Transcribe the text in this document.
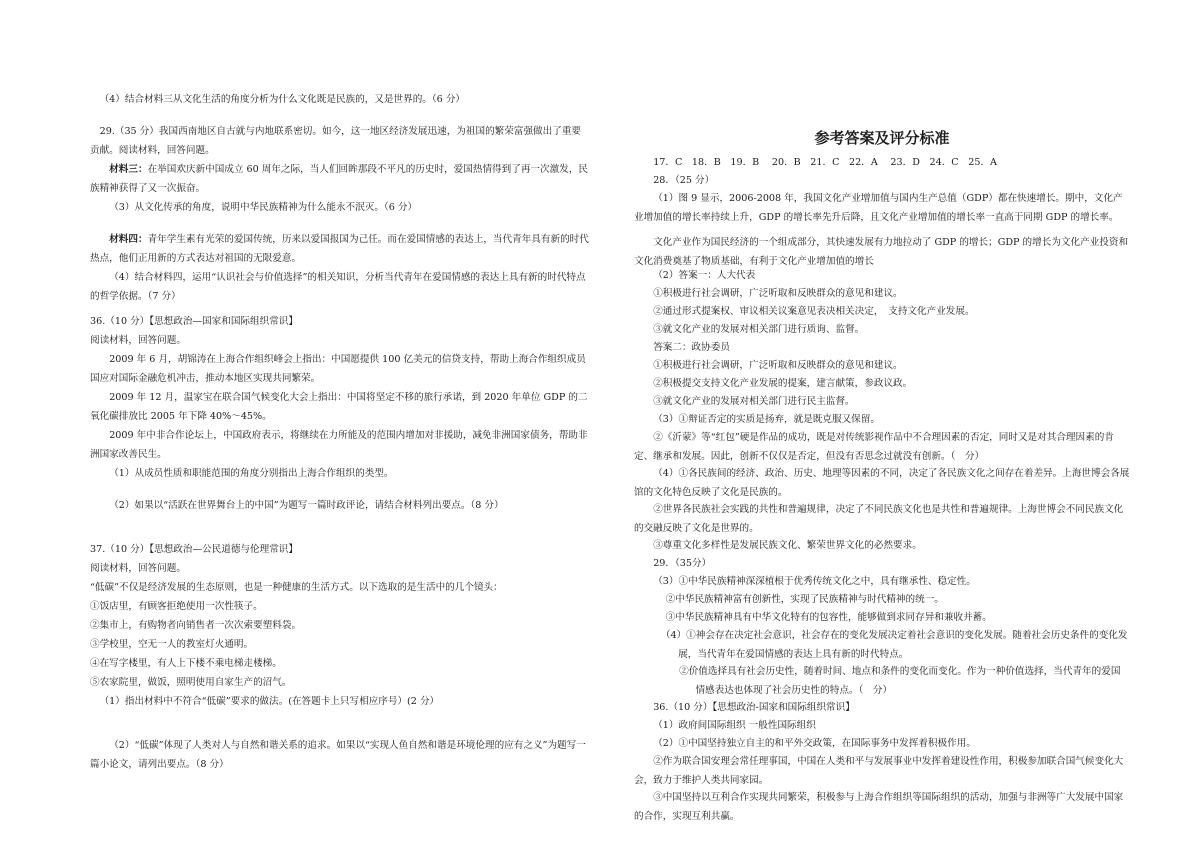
（4）结合材料三从文化生活的角度分析为什么文化既是民族的，又是世界的。（6 分）

29.（35 分）我国西南地区自古就与内地联系密切。如今，这一地区经济发展迅速，为祖国的繁荣富强做出了重要贡献。阅读材料，回答问题。

材料三：在举国欢庆新中国成立 60 周年之际，当人们回眸那段不平凡的历史时，爱国热情得到了再一次激发，民族精神获得了又一次振奋。

（3）从文化传承的角度，说明中华民族精神为什么能永不泯灭。（6 分）

材料四：青年学生素有光荣的爱国传统，历来以爱国报国为己任。而在爱国情感的表达上，当代青年具有新的时代热点，他们正用新的方式表达对祖国的无限爱意。

（4）结合材料四，运用“认识社会与价值选择”的相关知识，分析当代青年在爱国情感的表达上具有新的时代特点的哲学依据。（7 分）

36.（10 分）【思想政治—国家和国际组织常识】

阅读材料，回答问题。

2009 年 6 月，胡锦涛在上海合作组织峰会上指出：中国愿提供 100 亿美元的信贷支持，帮助上海合作组织成员国应对国际金融危机冲击，推动本地区实现共同繁荣。

2009 年 12 月，温家宝在联合国气候变化大会上指出：中国将坚定不移的旅行承诺，到 2020 年单位 GDP 的二氧化碳排放比 2005 年下降 40%～45%。

2009 年中非合作论坛上，中国政府表示，将继续在力所能及的范围内增加对非援助，减免非洲国家债务，帮助非洲国家改善民生。

（1）从成员性质和职能范围的角度分别指出上海合作组织的类型。

（2）如果以“活跃在世界舞台上的中国”为题写一篇时政评论，请结合材料列出要点。（8 分）

37.（10 分）【思想政治—公民道德与伦理常识】

阅读材料，回答问题。

“低碳”不仅是经济发展的生态原则，也是一种健康的生活方式。以下选取的是生活中的几个镜头：

①饭店里，有顾客拒绝使用一次性筷子。

②集市上，有购物者向销售者一次次索要塑料袋。

③学校里，空无一人的教室灯火通明。

④在写字楼里，有人上下楼不乘电梯走楼梯。

⑤农家院里，做饭，照明使用自家生产的沼气。

（1）指出材料中不符合“低碳”要求的做法。(在答题卡上只写相应序号）(2 分）

（2）“低碳”体现了人类对人与自然和谐关系的追求。如果以“实现人鱼自然和谐是环境伦理的应有之义”为题写一篇小论文，请列出要点。（8 分）

参考答案及评分标准

17．C　18．B　19．B　 20．B　21．C　22．A　 23．D　24．C　25．A

28．（25 分）

（1）图 9 显示，2006-2008 年，我国文化产业增加值与国内生产总值（GDP）都在快速增长。期中，文化产业增加值的增长率持续上升，GDP 的增长率先升后降，且文化产业增加值的增长率一直高于同期 GDP 的增长率。

文化产业作为国民经济的一个组成部分，其快速发展有力地拉动了 GDP 的增长；GDP 的增长为文化产业投资和文化消费奠基了物质基础，有利于文化产业增加值的增长

（2）答案一：人大代表

①积极进行社会调研，广泛听取和反映群众的意见和建议。

②通过形式提案权、审议相关议案意见表决相关决定，　支持文化产业发展。

③就文化产业的发展对相关部门进行质询、监督。

答案二：政协委员

①积极进行社会调研，广泛听取和反映群众的意见和建议。

②积极提交支持文化产业发展的提案，建言献策，参政议政。

③就文化产业的发展对相关部门进行民主监督。

（3）①辩证否定的实质是扬弃，就是既克服又保留。

②《沂蒙》等“红包”硬是作品的成功，既是对传统影视作品中不合理因素的否定，同时又是对其合理因素的肯定、继承和发展。因此，创新不仅仅是否定，但没有否思念过就没有创新。（　分）

（4）①各民族间的经济、政治、历史、地理等因素的不同，决定了各民族文化之间存在着差异。上海世博会各展馆的文化特色反映了文化是民族的。

②世界各民族社会实践的共性和普遍规律，决定了不同民族文化也是共性和普遍规律。上海世博会不同民族文化的交融反映了文化是世界的。

③尊重文化多样性是发展民族文化、繁荣世界文化的必然要求。

29．（35分）

（3）①中华民族精神深深植根于优秀传统文化之中，具有继承性、稳定性。

②中华民族精神富有创新性，实现了民族精神与时代精神的统一。

③中华民族精神具有中华文化特有的包容性，能够做到求同存异和兼收并蓄。

（4）①神会存在决定社会意识，社会存在的变化发展决定着社会意识的变化发展。随着社会历史条件的变化发展，当代青年在爱国情感的表达上具有新的时代特点。

②价值选择具有社会历史性，随着时间、地点和条件的变化而变化。作为一种价值选择，当代青年的爱国情感表达也体现了社会历史性的特点。（　分）

36.（10 分）【思想政治-国家和国际组织常识】

（1）政府间国际组织 一般性国际组织

（2）①中国坚持独立自主的和平外交政策，在国际事务中发挥着积极作用。

②作为联合国安理会常任理事国，中国在人类和平与发展事业中发挥着建设性作用，积极参加联合国气候变化大会，致力于维护人类共同家园。

③中国坚持以互利合作实现共同繁荣，积极参与上海合作组织等国际组织的活动，加强与非洲等广大发展中国家的合作，实现互利共赢。
